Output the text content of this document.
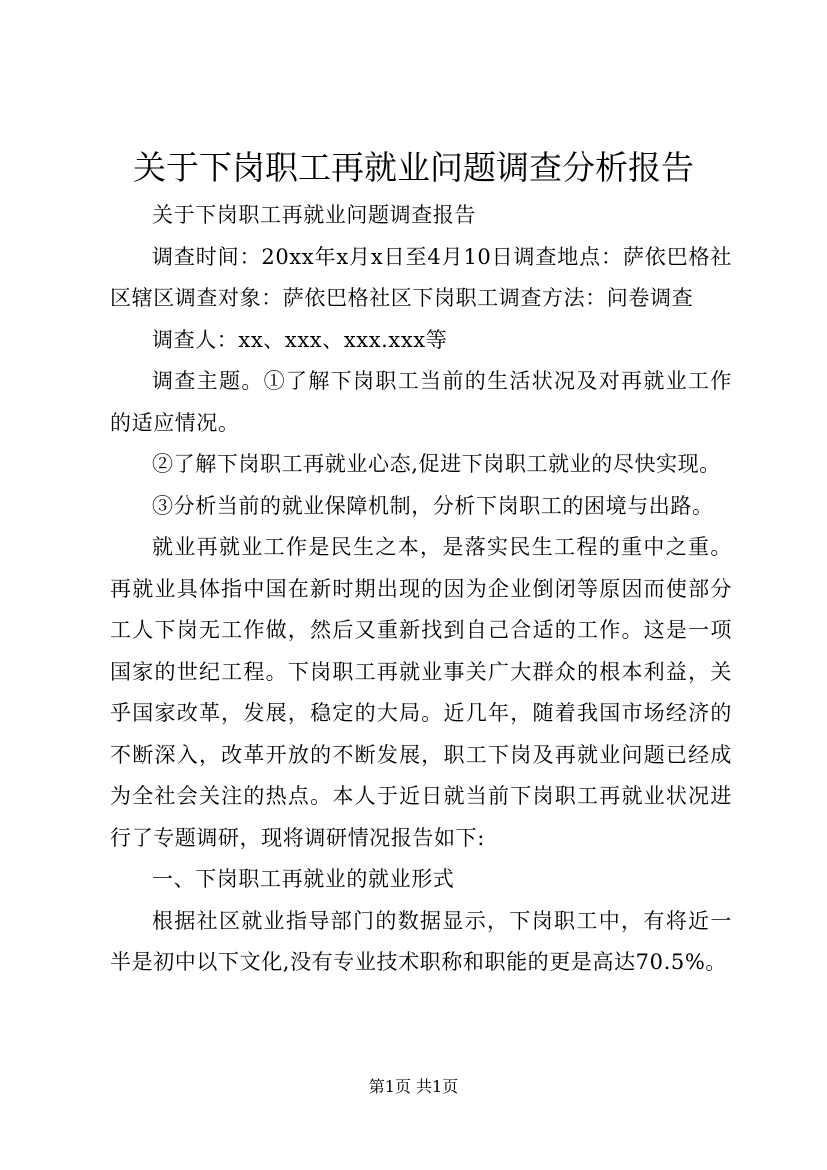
关于下岗职工再就业问题调查分析报告

关于下岗职工再就业问题调查报告

调查时间：20xx年x月x日至4月10日调查地点：萨依巴格社区辖区调查对象：萨依巴格社区下岗职工调查方法：问卷调查

调查人：xx、xxx、xxx.xxx等

调查主题。①了解下岗职工当前的生活状况及对再就业工作的适应情况。

②了解下岗职工再就业心态,促进下岗职工就业的尽快实现。

③分析当前的就业保障机制，分析下岗职工的困境与出路。

就业再就业工作是民生之本，是落实民生工程的重中之重。再就业具体指中国在新时期出现的因为企业倒闭等原因而使部分工人下岗无工作做，然后又重新找到自己合适的工作。这是一项国家的世纪工程。下岗职工再就业事关广大群众的根本利益，关乎国家改革，发展，稳定的大局。近几年，随着我国市场经济的不断深入，改革开放的不断发展，职工下岗及再就业问题已经成为全社会关注的热点。本人于近日就当前下岗职工再就业状况进行了专题调研，现将调研情况报告如下:

一、下岗职工再就业的就业形式

根据社区就业指导部门的数据显示，下岗职工中，有将近一半是初中以下文化,没有专业技术职称和职能的更是高达70.5%。

第1页 共1页
